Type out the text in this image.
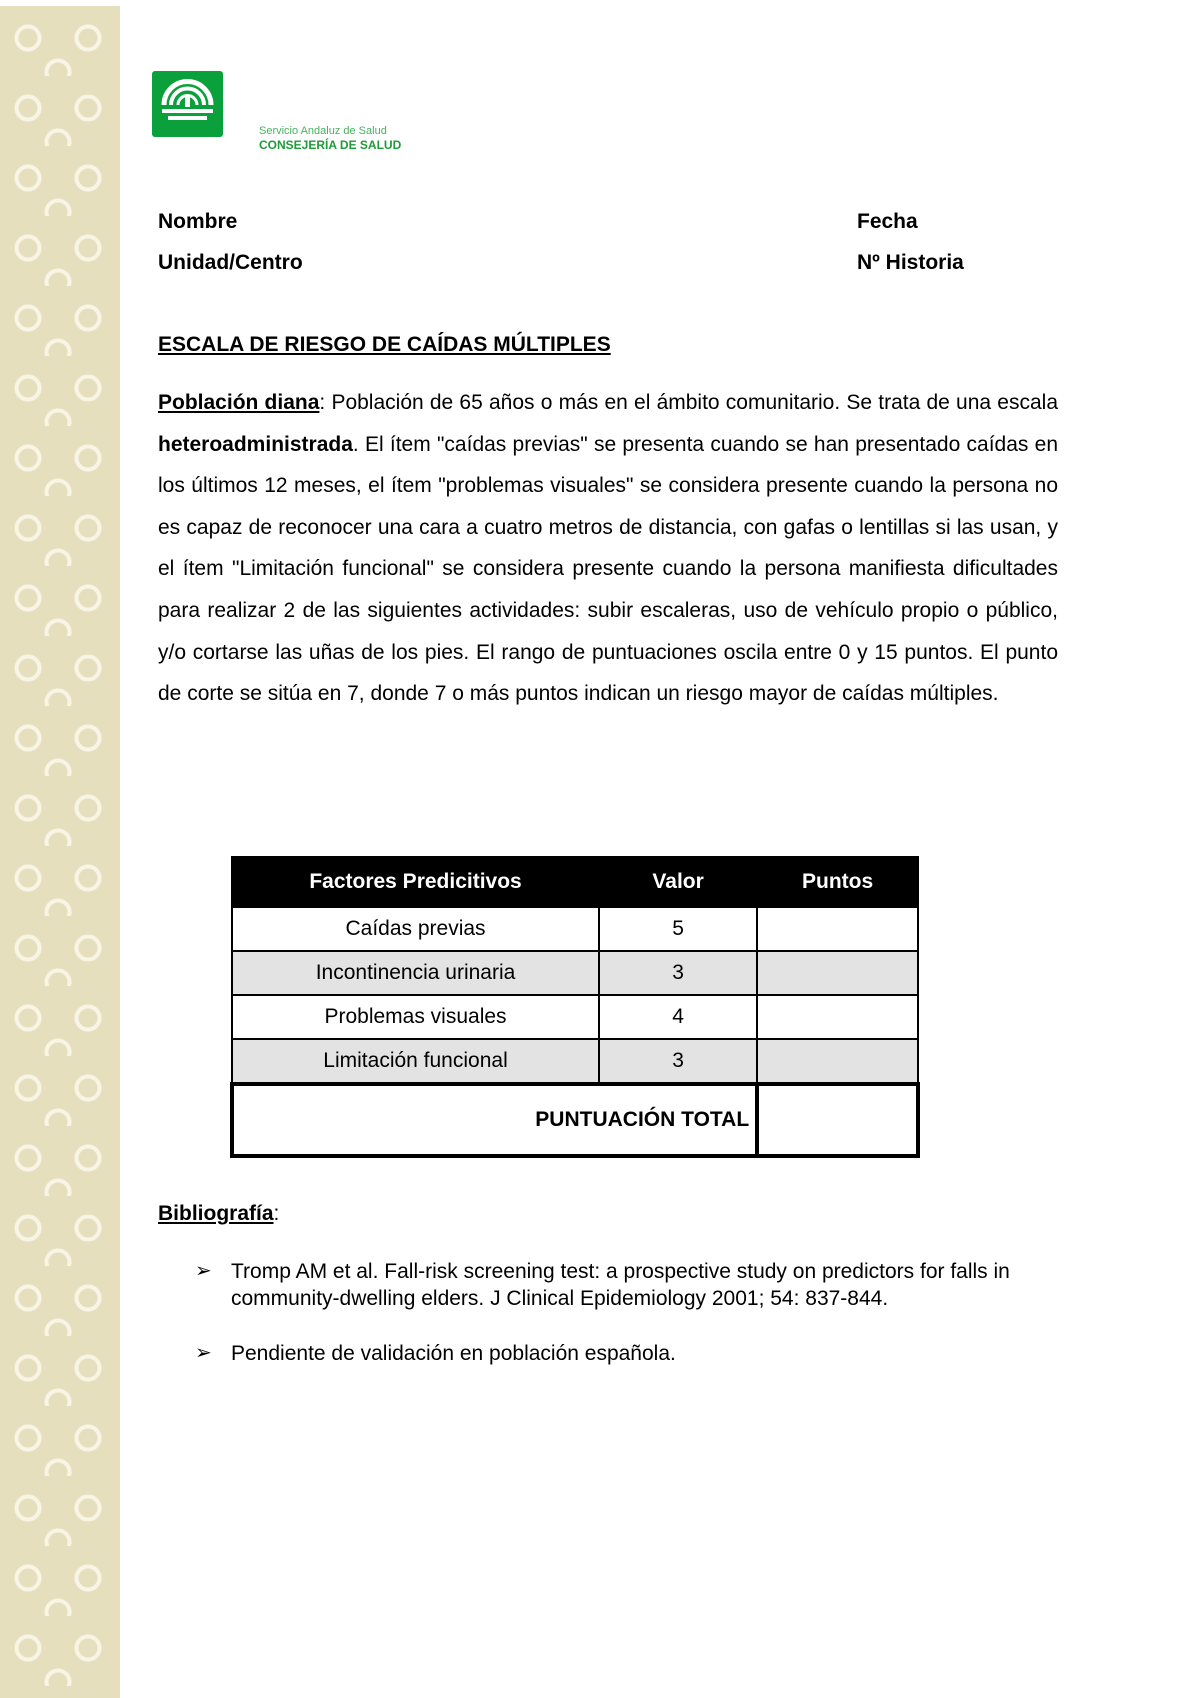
Servicio Andaluz de Salud
CONSEJERÍA DE SALUD
Nombre	Fecha
Unidad/Centro	Nº Historia
ESCALA DE RIESGO DE CAÍDAS MÚLTIPLES
Población diana: Población de 65 años o más en el ámbito comunitario. Se trata de una escala heteroadministrada. El ítem "caídas previas" se presenta cuando se han presentado caídas en los últimos 12 meses, el ítem "problemas visuales" se considera presente cuando la persona no es capaz de reconocer una cara a cuatro metros de distancia, con gafas o lentillas si las usan, y el ítem "Limitación funcional" se considera presente cuando la persona manifiesta dificultades para realizar 2 de las siguientes actividades: subir escaleras, uso de vehículo propio o público, y/o cortarse las uñas de los pies. El rango de puntuaciones oscila entre 0 y 15 puntos. El punto de corte se sitúa en 7, donde 7 o más puntos indican un riesgo mayor de caídas múltiples.
Factores Predicitivos	Valor	Puntos
Caídas previas	5	
Incontinencia urinaria	3	
Problemas visuales	4	
Limitación funcional	3	
PUNTUACIÓN TOTAL		
Bibliografía:
➢ Tromp AM et al. Fall-risk screening test: a prospective study on predictors for falls in community-dwelling elders. J Clinical Epidemiology 2001; 54: 837-844.
➢ Pendiente de validación en población española.
